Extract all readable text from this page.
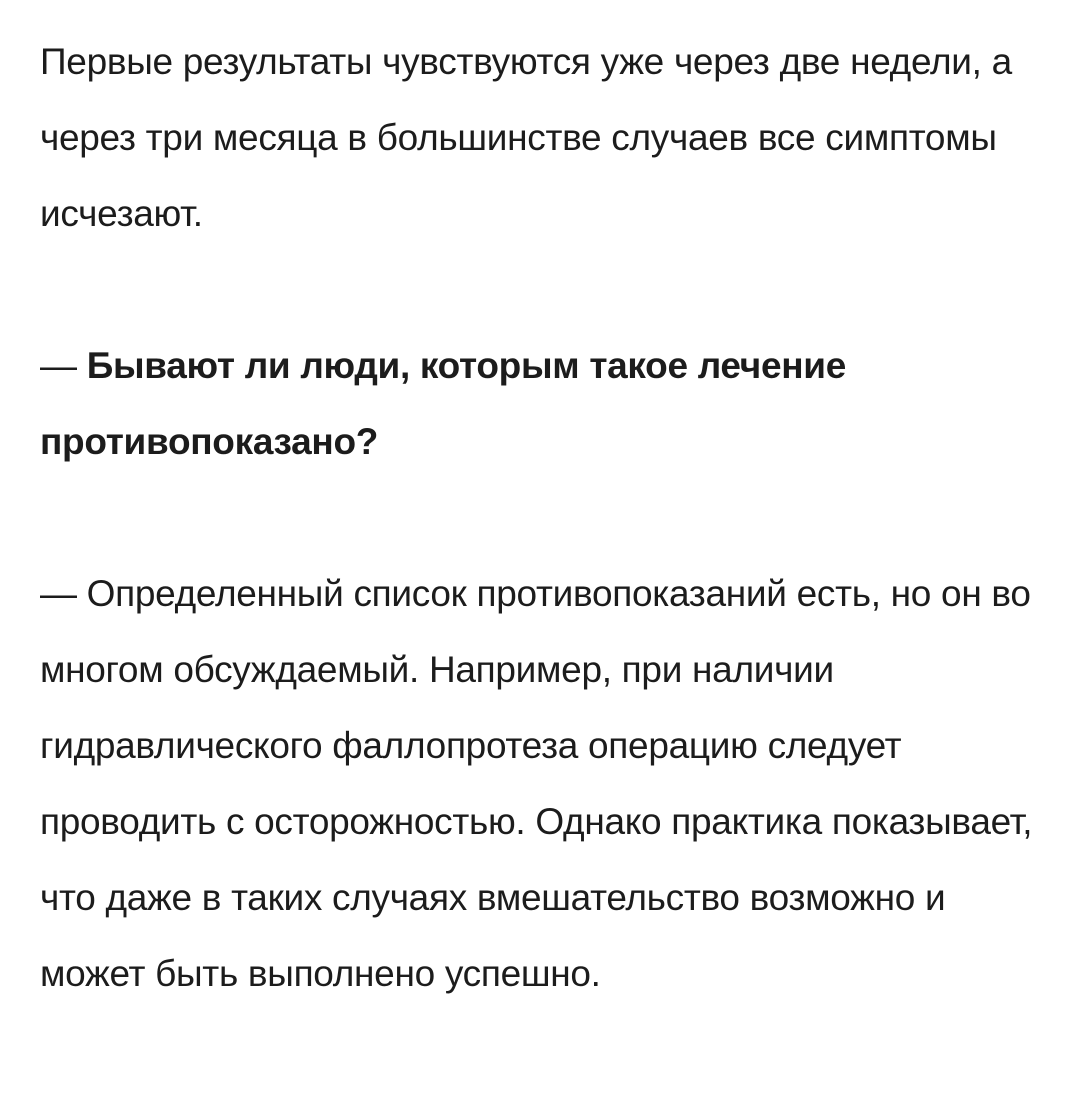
Первые результаты чувствуются уже через две недели, а через три месяца в большинстве случаев все симптомы исчезают.

— Бывают ли люди, которым такое лечение противопоказано?

— Определенный список противопоказаний есть, но он во многом обсуждаемый. Например, при наличии гидравлического фаллопротеза операцию следует проводить с осторожностью. Однако практика показывает, что даже в таких случаях вмешательство возможно и может быть выполнено успешно.
